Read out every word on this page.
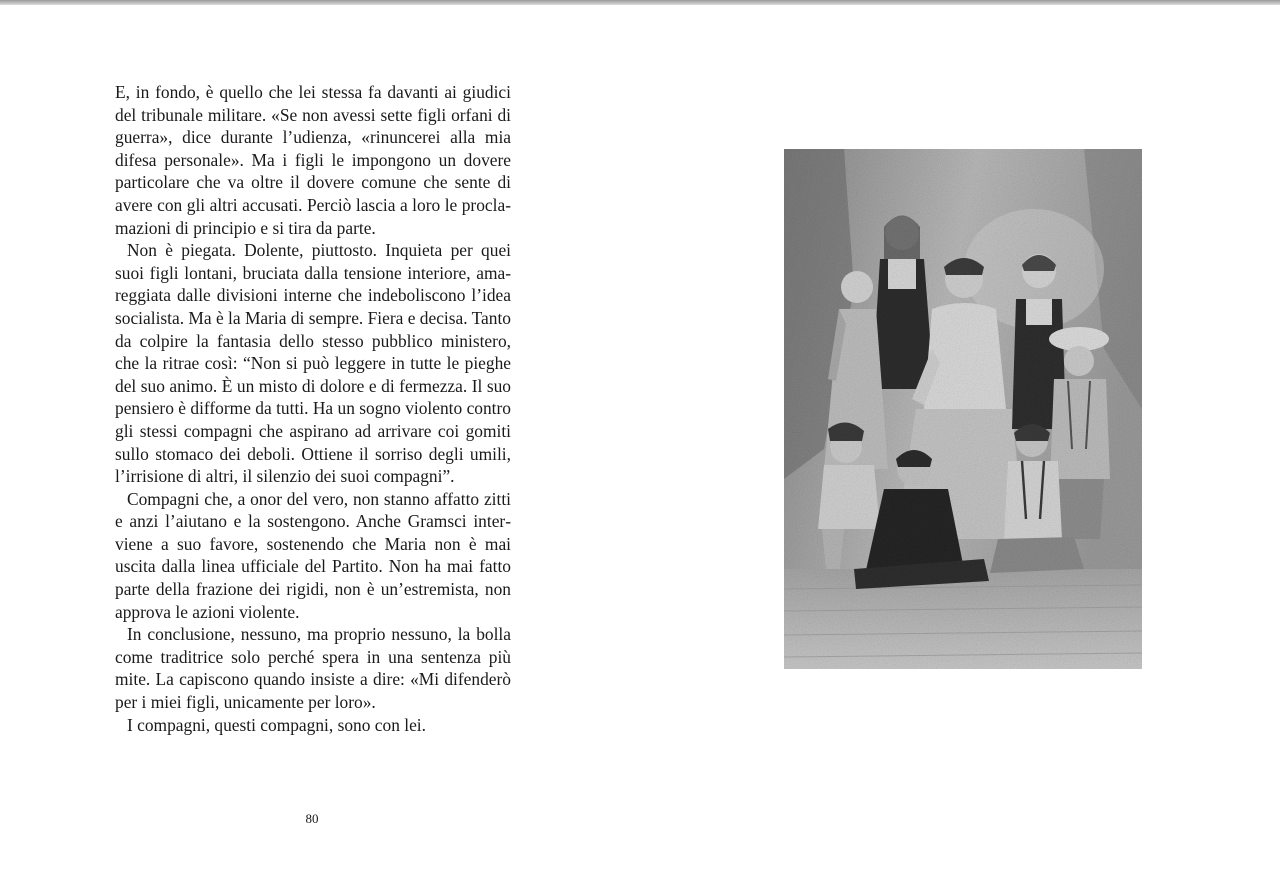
E, in fondo, è quello che lei stessa fa davanti ai giudici del tribunale militare. «Se non avessi sette figli orfani di guerra», dice durante l’udienza, «rinuncerei alla mia difesa personale». Ma i figli le impongono un dovere particolare che va oltre il dovere comune che sente di avere con gli altri accusati. Perciò lascia a loro le proclamazioni di principio e si tira da parte.

Non è piegata. Dolente, piuttosto. Inquieta per quei suoi figli lontani, bruciata dalla tensione interiore, amareggiata dalle divisioni interne che indeboliscono l’idea socialista. Ma è la Maria di sempre. Fiera e decisa. Tanto da colpire la fantasia dello stesso pubblico ministero, che la ritrae così: “Non si può leggere in tutte le pieghe del suo animo. È un misto di dolore e di fermezza. Il suo pensiero è difforme da tutti. Ha un sogno violento contro gli stessi compagni che aspirano ad arrivare coi gomiti sullo stomaco dei deboli. Ottiene il sorriso degli umili, l’irrisione di altri, il silenzio dei suoi compagni”.

Compagni che, a onor del vero, non stanno affatto zitti e anzi l’aiutano e la sostengono. Anche Gramsci interviene a suo favore, sostenendo che Maria non è mai uscita dalla linea ufficiale del Partito. Non ha mai fatto parte della frazione dei rigidi, non è un’estremista, non approva le azioni violente.

In conclusione, nessuno, ma proprio nessuno, la bolla come traditrice solo perché spera in una sentenza più mite. La capiscono quando insiste a dire: «Mi difenderò per i miei figli, unicamente per loro».

I compagni, questi compagni, sono con lei.

80
